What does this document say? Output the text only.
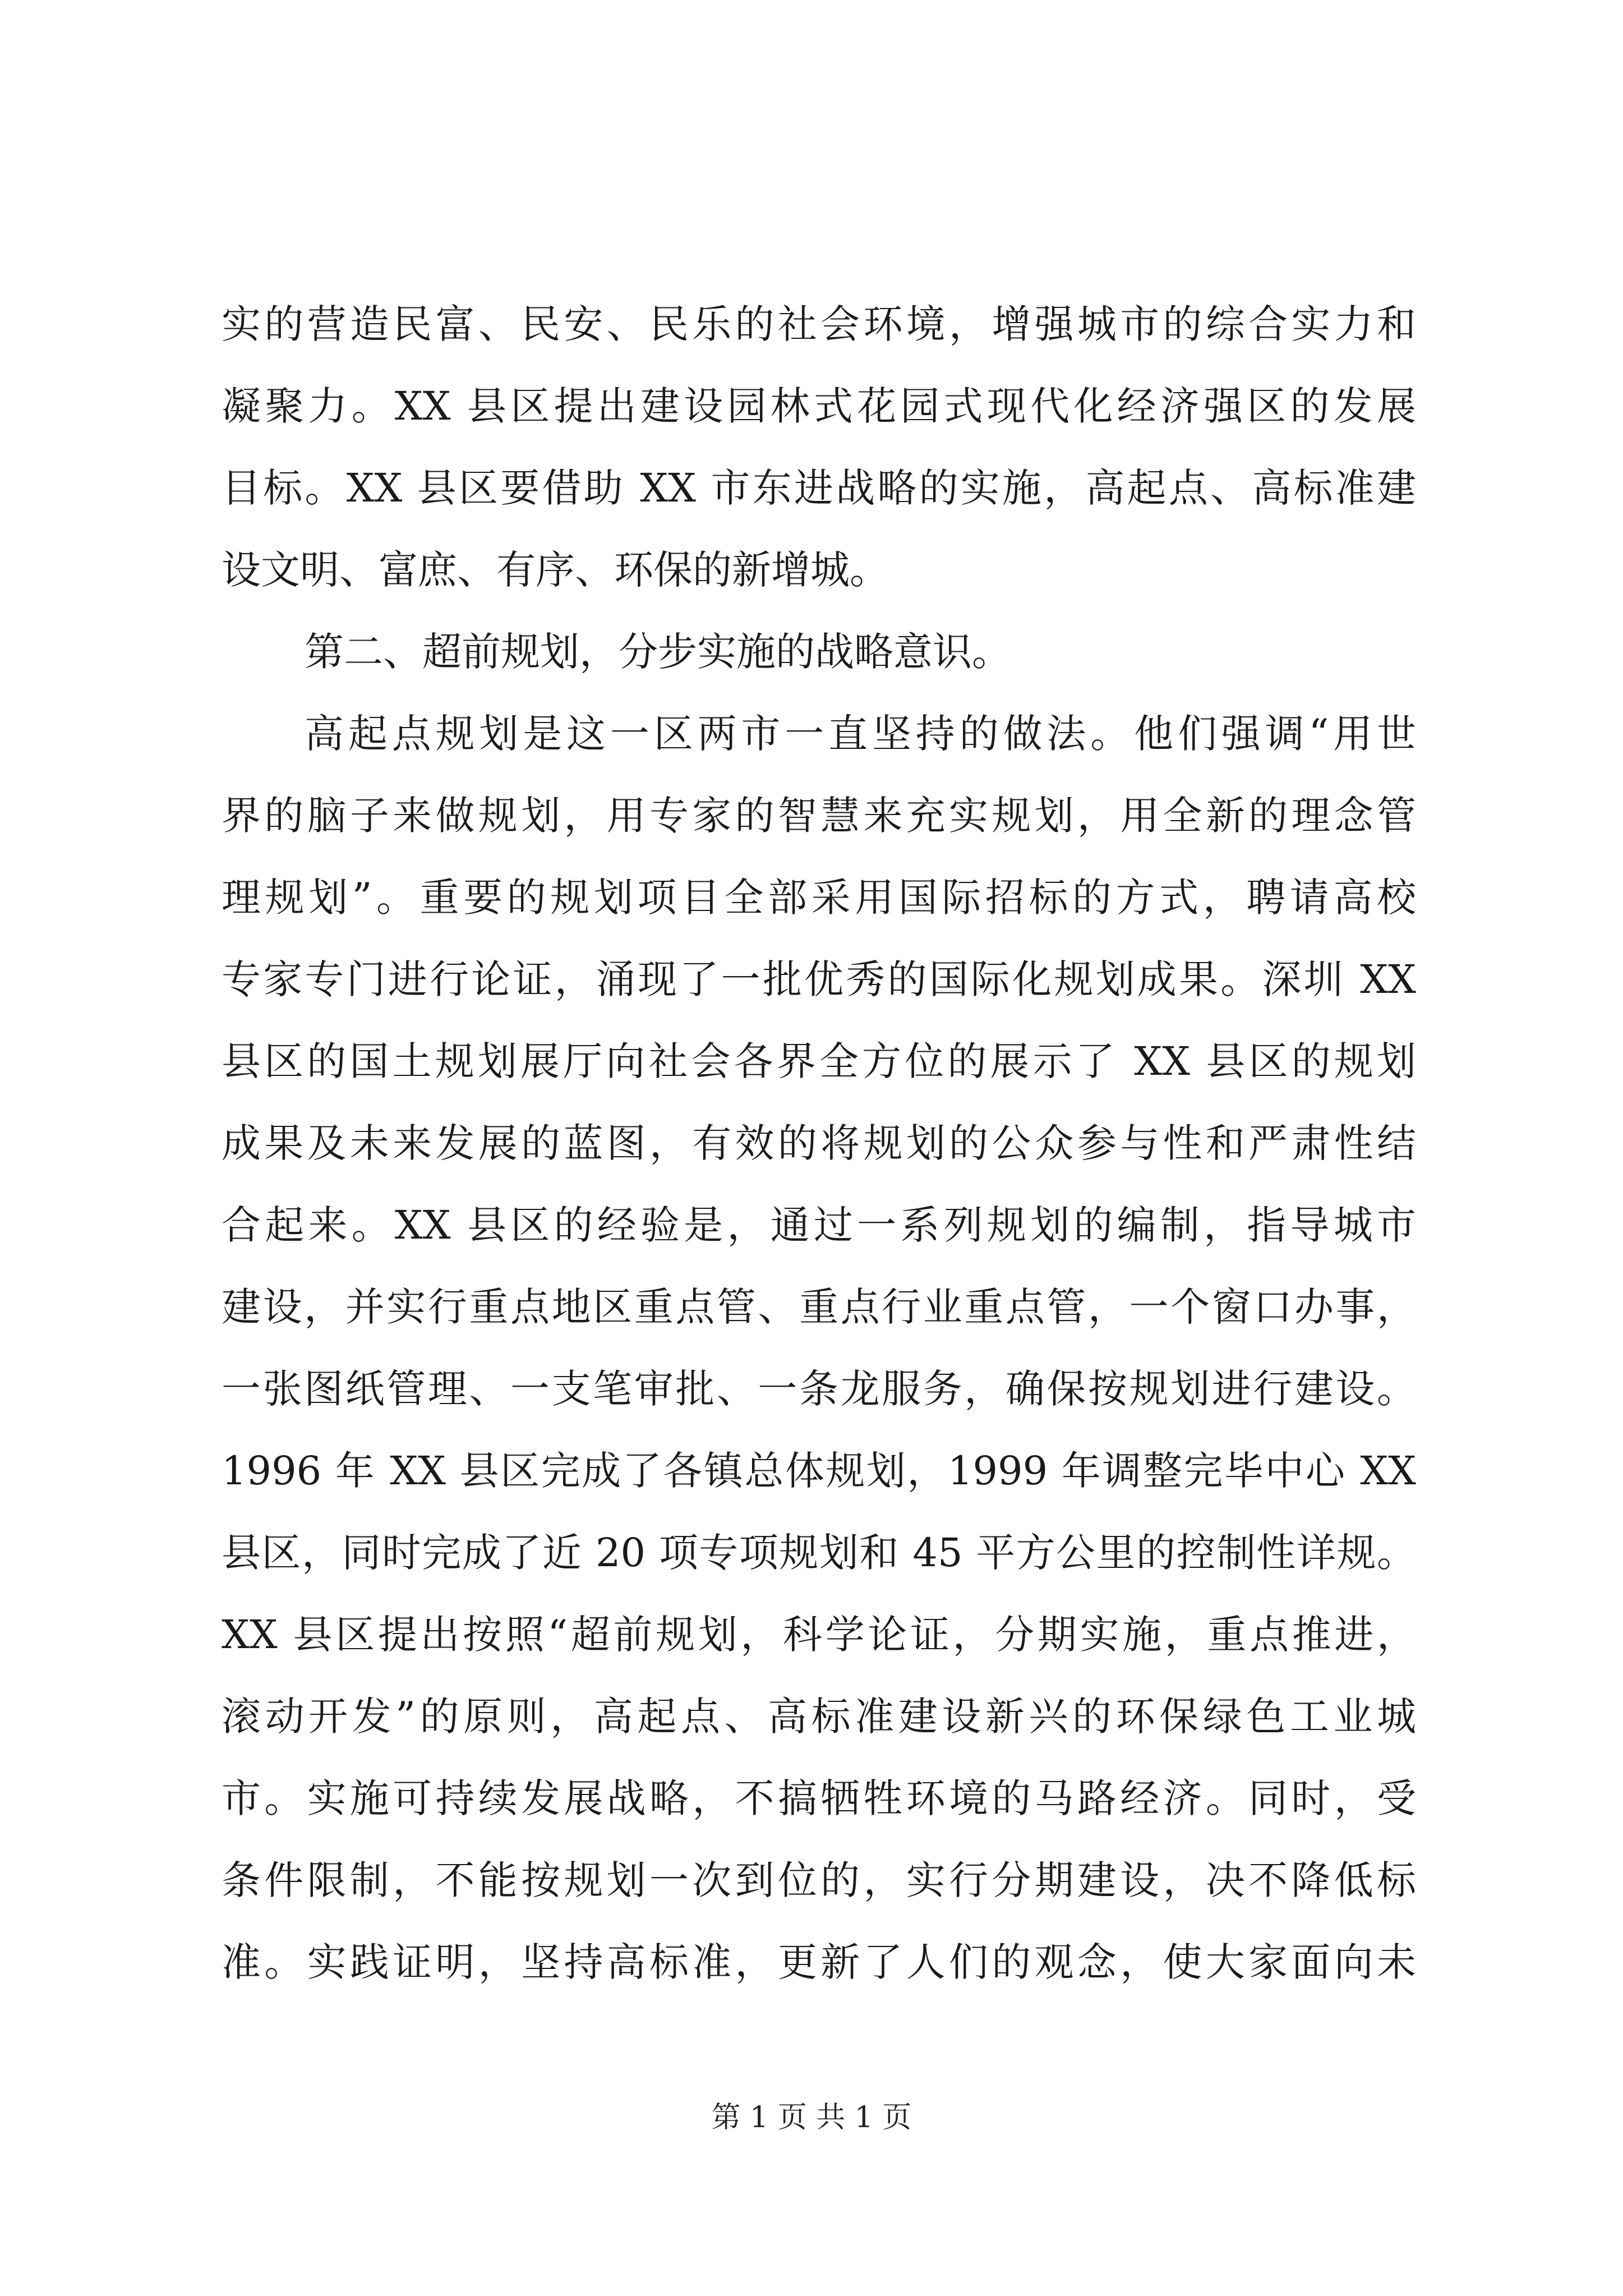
实的营造民富、民安、民乐的社会环境，增强城市的综合实力和
凝聚力。XX 县区提出建设园林式花园式现代化经济强区的发展
目标。XX 县区要借助 XX 市东进战略的实施，高起点、高标准建
设文明、富庶、有序、环保的新增城。
第二、超前规划，分步实施的战略意识。
高起点规划是这一区两市一直坚持的做法。他们强调“用世
界的脑子来做规划，用专家的智慧来充实规划，用全新的理念管
理规划”。重要的规划项目全部采用国际招标的方式，聘请高校
专家专门进行论证，涌现了一批优秀的国际化规划成果。深圳 XX
县区的国土规划展厅向社会各界全方位的展示了 XX 县区的规划
成果及未来发展的蓝图，有效的将规划的公众参与性和严肃性结
合起来。XX 县区的经验是，通过一系列规划的编制，指导城市
建设，并实行重点地区重点管、重点行业重点管，一个窗口办事，
一张图纸管理、一支笔审批、一条龙服务，确保按规划进行建设。
1996 年 XX 县区完成了各镇总体规划，1999 年调整完毕中心 XX
县区，同时完成了近 20 项专项规划和 45 平方公里的控制性详规。
XX 县区提出按照“超前规划，科学论证，分期实施，重点推进，
滚动开发”的原则，高起点、高标准建设新兴的环保绿色工业城
市。实施可持续发展战略，不搞牺牲环境的马路经济。同时，受
条件限制，不能按规划一次到位的，实行分期建设，决不降低标
准。实践证明，坚持高标准，更新了人们的观念，使大家面向未
第 1 页 共 1 页
